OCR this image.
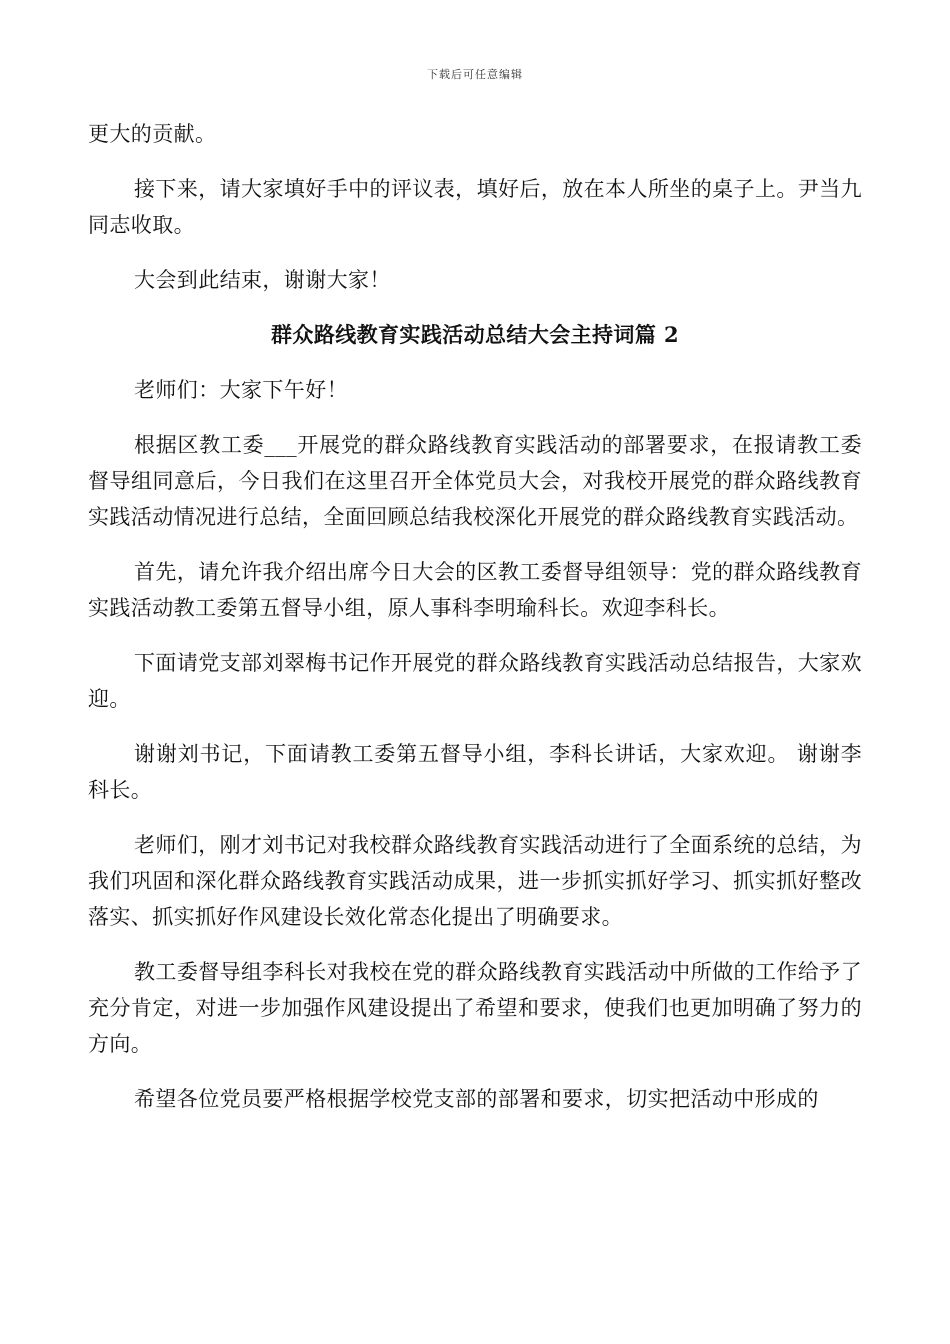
下载后可任意编辑

更大的贡献。

接下来，请大家填好手中的评议表，填好后，放在本人所坐的桌子上。尹当九同志收取。

大会到此结束，谢谢大家！

群众路线教育实践活动总结大会主持词篇 2

老师们：大家下午好！

根据区教工委___开展党的群众路线教育实践活动的部署要求，在报请教工委督导组同意后，今日我们在这里召开全体党员大会，对我校开展党的群众路线教育实践活动情况进行总结，全面回顾总结我校深化开展党的群众路线教育实践活动。

首先，请允许我介绍出席今日大会的区教工委督导组领导：党的群众路线教育实践活动教工委第五督导小组，原人事科李明瑜科长。欢迎李科长。

下面请党支部刘翠梅书记作开展党的群众路线教育实践活动总结报告，大家欢迎。

谢谢刘书记，下面请教工委第五督导小组，李科长讲话，大家欢迎。 谢谢李科长。

老师们，刚才刘书记对我校群众路线教育实践活动进行了全面系统的总结，为我们巩固和深化群众路线教育实践活动成果，进一步抓实抓好学习、抓实抓好整改落实、抓实抓好作风建设长效化常态化提出了明确要求。

教工委督导组李科长对我校在党的群众路线教育实践活动中所做的工作给予了充分肯定，对进一步加强作风建设提出了希望和要求，使我们也更加明确了努力的方向。

希望各位党员要严格根据学校党支部的部署和要求，切实把活动中形成的
